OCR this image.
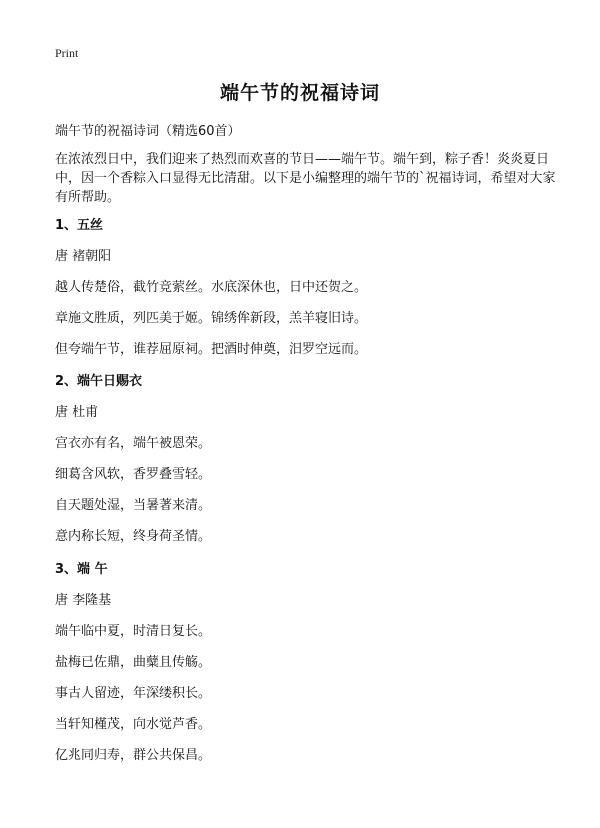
Print
端午节的祝福诗词
端午节的祝福诗词（精选60首）
在浓浓烈日中，我们迎来了热烈而欢喜的节日——端午节。端午到，粽子香！炎炎夏日中，因一个香粽入口显得无比清甜。以下是小编整理的端午节的`祝福诗词，希望对大家有所帮助。
1、五丝
唐 褚朝阳
越人传楚俗，截竹竞萦丝。水底深休也，日中还贺之。
章施文胜质，列匹美于姬。锦绣侔新段，羔羊寝旧诗。
但夸端午节，谁荐屈原祠。把酒时伸奠，汨罗空远而。
2、端午日赐衣
唐 杜甫
宫衣亦有名，端午被恩荣。
细葛含风软，香罗叠雪轻。
自天题处湿，当暑著来清。
意内称长短，终身荷圣情。
3、端 午
唐 李隆基
端午临中夏，时清日复长。
盐梅已佐鼎，曲糵且传觞。
事古人留迹，年深缕积长。
当轩知槿茂，向水觉芦香。
亿兆同归寿，群公共保昌。
